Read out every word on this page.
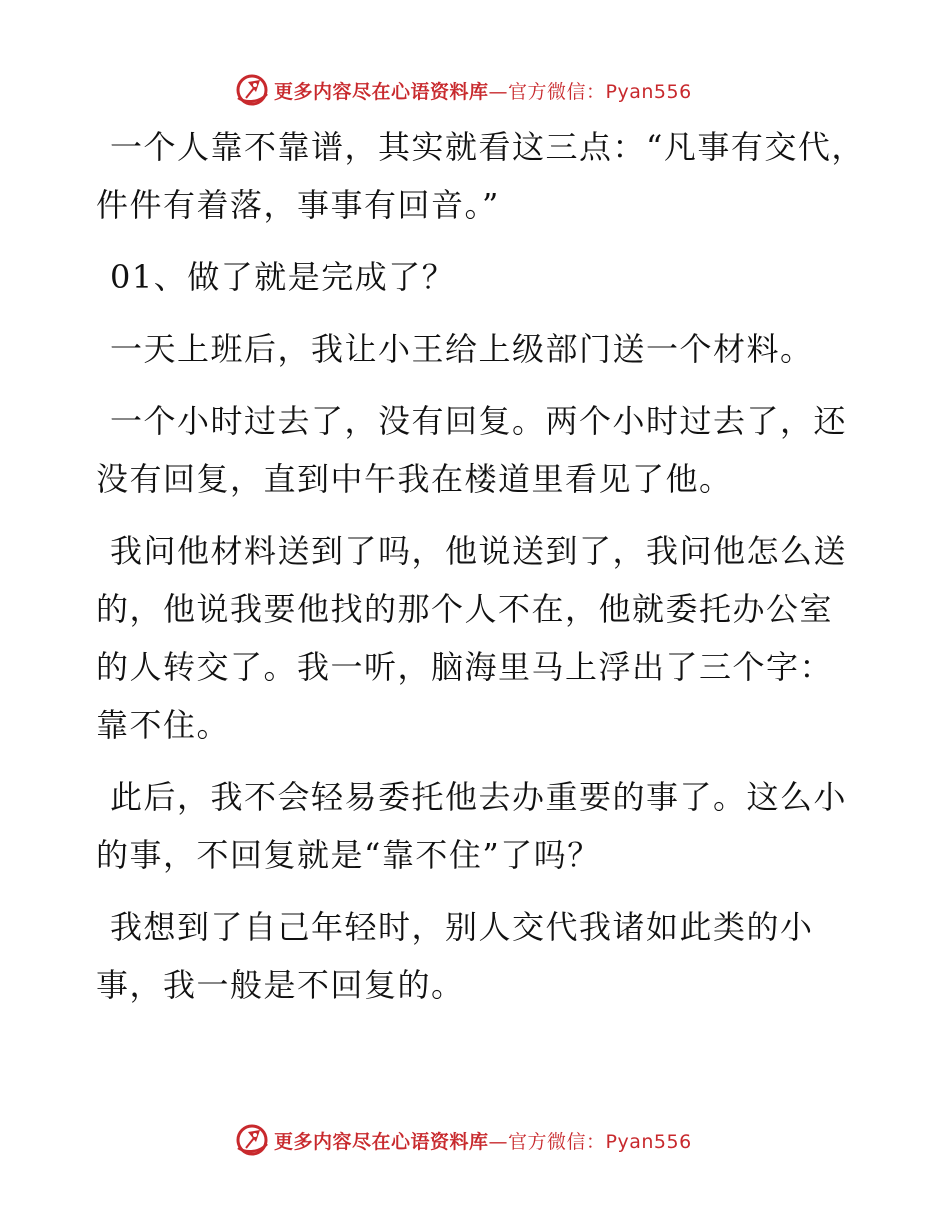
更多内容尽在心语资料库—官方微信：Pyan556

一个人靠不靠谱，其实就看这三点：“凡事有交代，件件有着落，事事有回音。”

01、做了就是完成了？

一天上班后，我让小王给上级部门送一个材料。

一个小时过去了，没有回复。两个小时过去了，还没有回复，直到中午我在楼道里看见了他。

我问他材料送到了吗，他说送到了，我问他怎么送的，他说我要他找的那个人不在，他就委托办公室的人转交了。我一听，脑海里马上浮出了三个字：靠不住。

此后，我不会轻易委托他去办重要的事了。这么小的事，不回复就是“靠不住”了吗？

我想到了自己年轻时，别人交代我诸如此类的小事，我一般是不回复的。

更多内容尽在心语资料库—官方微信：Pyan556
